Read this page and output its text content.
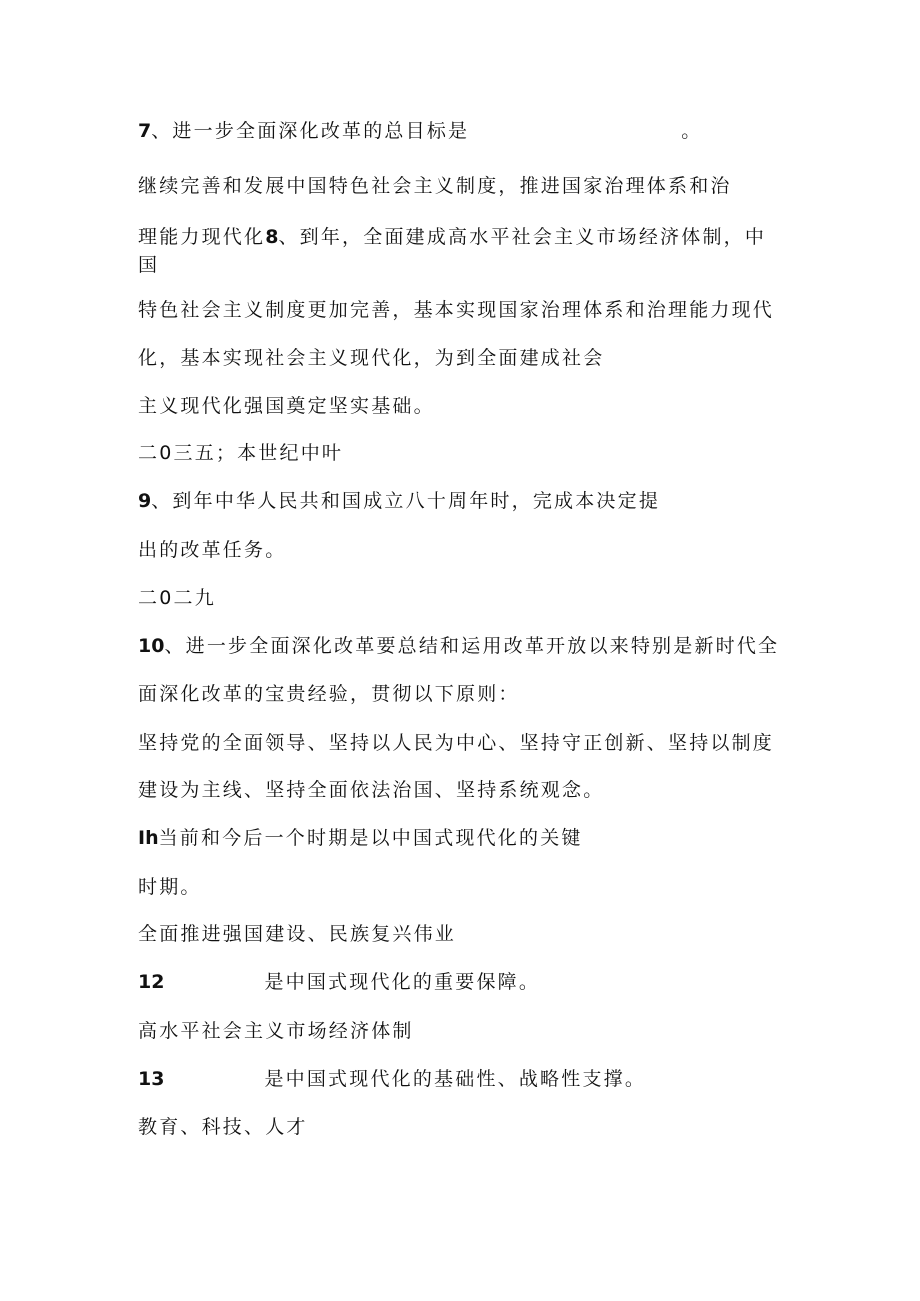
7、进一步全面深化改革的总目标是	。
继续完善和发展中国特色社会主义制度，推进国家治理体系和治
理能力现代化8、到年，全面建成高水平社会主义市场经济体制，中
国
特色社会主义制度更加完善，基本实现国家治理体系和治理能力现代
化，基本实现社会主义现代化，为到全面建成社会
主义现代化强国奠定坚实基础。
二0三五；本世纪中叶
9、到年中华人民共和国成立八十周年时，完成本决定提
出的改革任务。
二0二九
10、进一步全面深化改革要总结和运用改革开放以来特别是新时代全
面深化改革的宝贵经验，贯彻以下原则：
坚持党的全面领导、坚持以人民为中心、坚持守正创新、坚持以制度
建设为主线、坚持全面依法治国、坚持系统观念。
Ih当前和今后一个时期是以中国式现代化的关键
时期。
全面推进强国建设、民族复兴伟业
12	是中国式现代化的重要保障。
高水平社会主义市场经济体制
13	是中国式现代化的基础性、战略性支撑。
教育、科技、人才
